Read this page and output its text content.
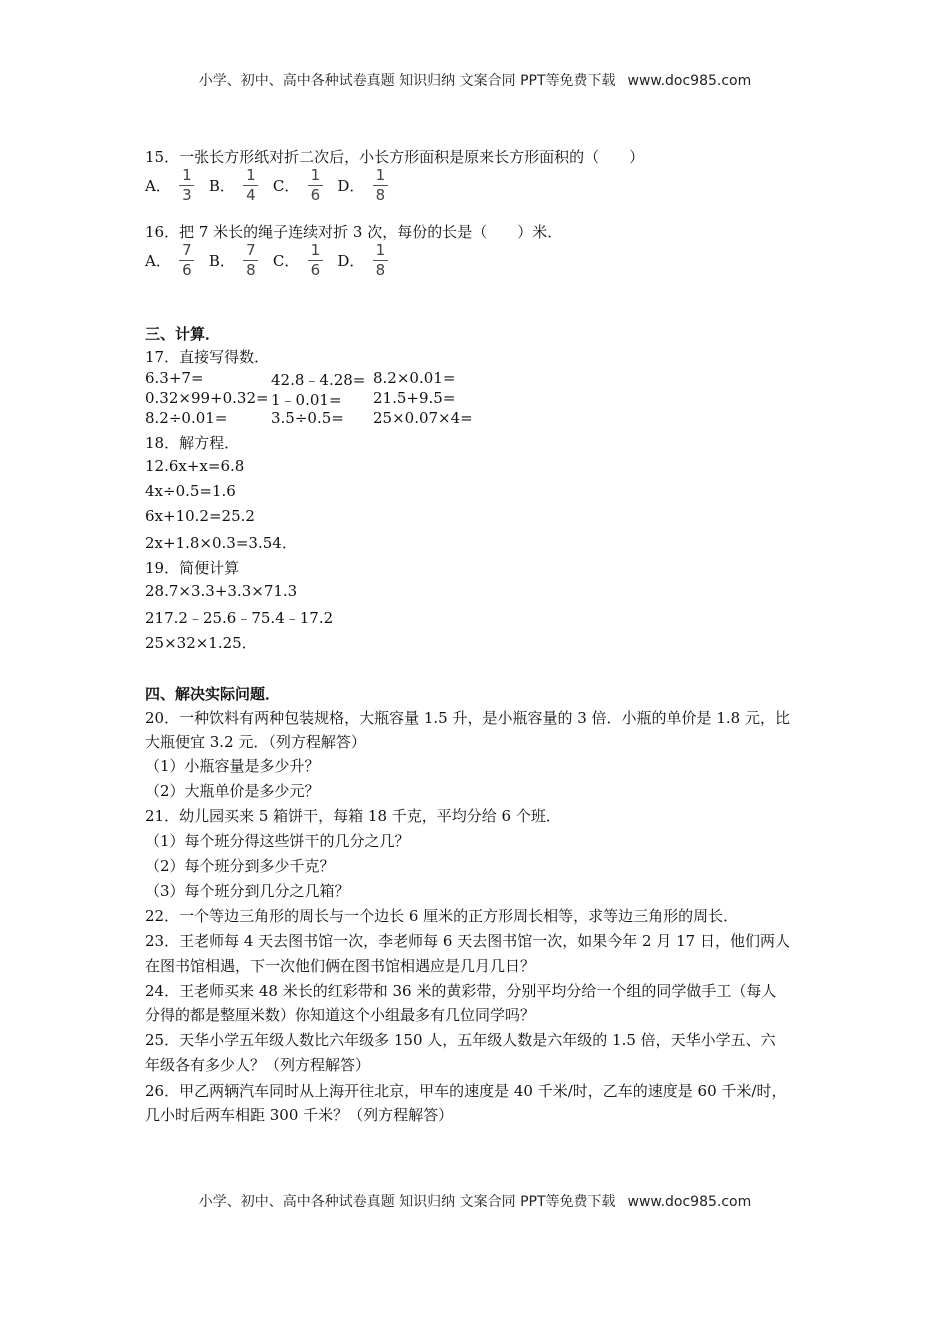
小学、初中、高中各种试卷真题 知识归纳 文案合同 PPT等免费下载 www.doc985.com
15．一张长方形纸对折二次后，小长方形面积是原来长方形面积的（　　）
A． $\frac{1}{3}$ B． $\frac{1}{4}$ C． $\frac{1}{6}$ D． $\frac{1}{8}$
16．把 7 米长的绳子连续对折 3 次，每份的长是（　　）米．
A． $\frac{7}{6}$ B． $\frac{7}{8}$ C． $\frac{1}{6}$ D． $\frac{1}{8}$
三、计算．
17．直接写得数．
6.3+7=	42.8﹣4.28= 8.2×0.01=
0.32×99+0.32= 1﹣0.01= 21.5+9.5=
8.2÷0.01=	3.5÷0.5= 25×0.07×4=
18．解方程．
12.6x+x=6.8
4x÷0.5=1.6
6x+10.2=25.2
2x+1.8×0.3=3.54．
19．简便计算
28.7×3.3+3.3×71.3
217.2﹣25.6﹣75.4﹣17.2
25×32×1.25．
四、解决实际问题．
20．一种饮料有两种包装规格，大瓶容量 1.5 升，是小瓶容量的 3 倍．小瓶的单价是 1.8 元，比
大瓶便宜 3.2 元．（列方程解答）
（1）小瓶容量是多少升？
（2）大瓶单价是多少元？
21．幼儿园买来 5 箱饼干，每箱 18 千克，平均分给 6 个班．
（1）每个班分得这些饼干的几分之几？
（2）每个班分到多少千克？
（3）每个班分到几分之几箱？
22．一个等边三角形的周长与一个边长 6 厘米的正方形周长相等，求等边三角形的周长．
23．王老师每 4 天去图书馆一次，李老师每 6 天去图书馆一次，如果今年 2 月 17 日，他们两人
在图书馆相遇，下一次他们俩在图书馆相遇应是几月几日？
24．王老师买来 48 米长的红彩带和 36 米的黄彩带，分别平均分给一个组的同学做手工（每人
分得的都是整厘米数）你知道这个小组最多有几位同学吗？
25．天华小学五年级人数比六年级多 150 人，五年级人数是六年级的 1.5 倍，天华小学五、六
年级各有多少人？（列方程解答）
26．甲乙两辆汽车同时从上海开往北京，甲车的速度是 40 千米/时，乙车的速度是 60 千米/时，
几小时后两车相距 300 千米？（列方程解答）
小学、初中、高中各种试卷真题 知识归纳 文案合同 PPT等免费下载 www.doc985.com
